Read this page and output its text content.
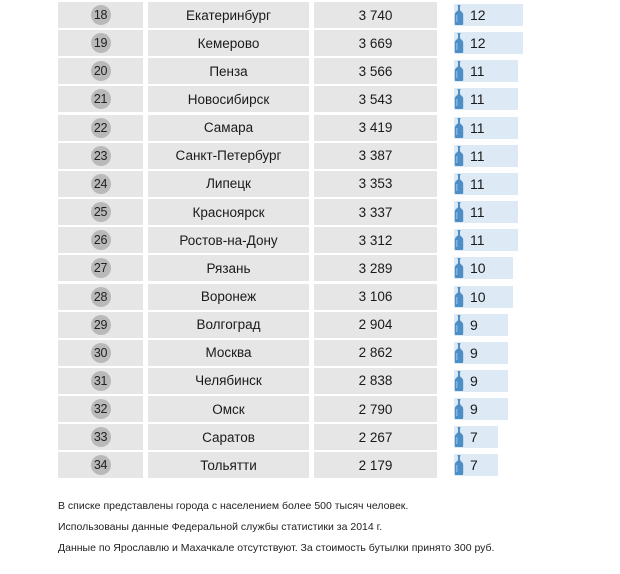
18	Екатеринбург	3 740	12
19	Кемерово	3 669	12
20	Пенза	3 566	11
21	Новосибирск	3 543	11
22	Самара	3 419	11
23	Санкт-Петербург	3 387	11
24	Липецк	3 353	11
25	Красноярск	3 337	11
26	Ростов-на-Дону	3 312	11
27	Рязань	3 289	10
28	Воронеж	3 106	10
29	Волгоград	2 904	9
30	Москва	2 862	9
31	Челябинск	2 838	9
32	Омск	2 790	9
33	Саратов	2 267	7
34	Тольятти	2 179	7
В списке представлены города с населением более 500 тысяч человек.
Использованы данные Федеральной службы статистики за 2014 г.
Данные по Ярославлю и Махачкале отсутствуют. За стоимость бутылки принято 300 руб.
